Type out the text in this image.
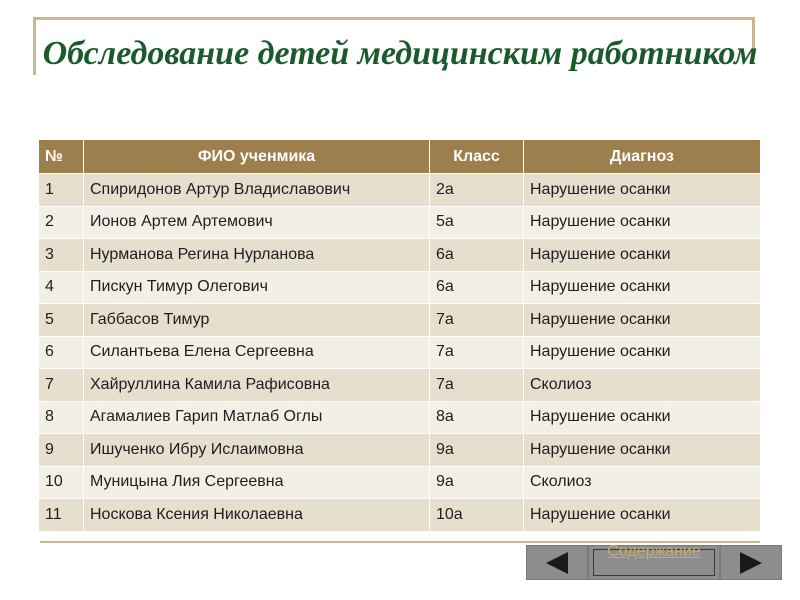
Обследование детей медицинским работником
№	ФИО ученмика	Класс	Диагноз
1	Спиридонов Артур Владиславович	2а	Нарушение осанки
2	Ионов Артем Артемович	5а	Нарушение осанки
3	Нурманова Регина Нурланова	6а	Нарушение осанки
4	Пискун Тимур Олегович	6а	Нарушение осанки
5	Габбасов Тимур	7а	Нарушение осанки
6	Силантьева Елена Сергеевна	7а	Нарушение осанки
7	Хайруллина Камила Рафисовна	7а	Сколиоз
8	Агамалиев Гарип Матлаб Оглы	8а	Нарушение осанки
9	Ишученко Ибру Ислаимовна	9а	Нарушение осанки
10	Муницына Лия Сергеевна	9а	Сколиоз
11	Носкова Ксения Николаевна	10а	Нарушение осанки
Содержание
